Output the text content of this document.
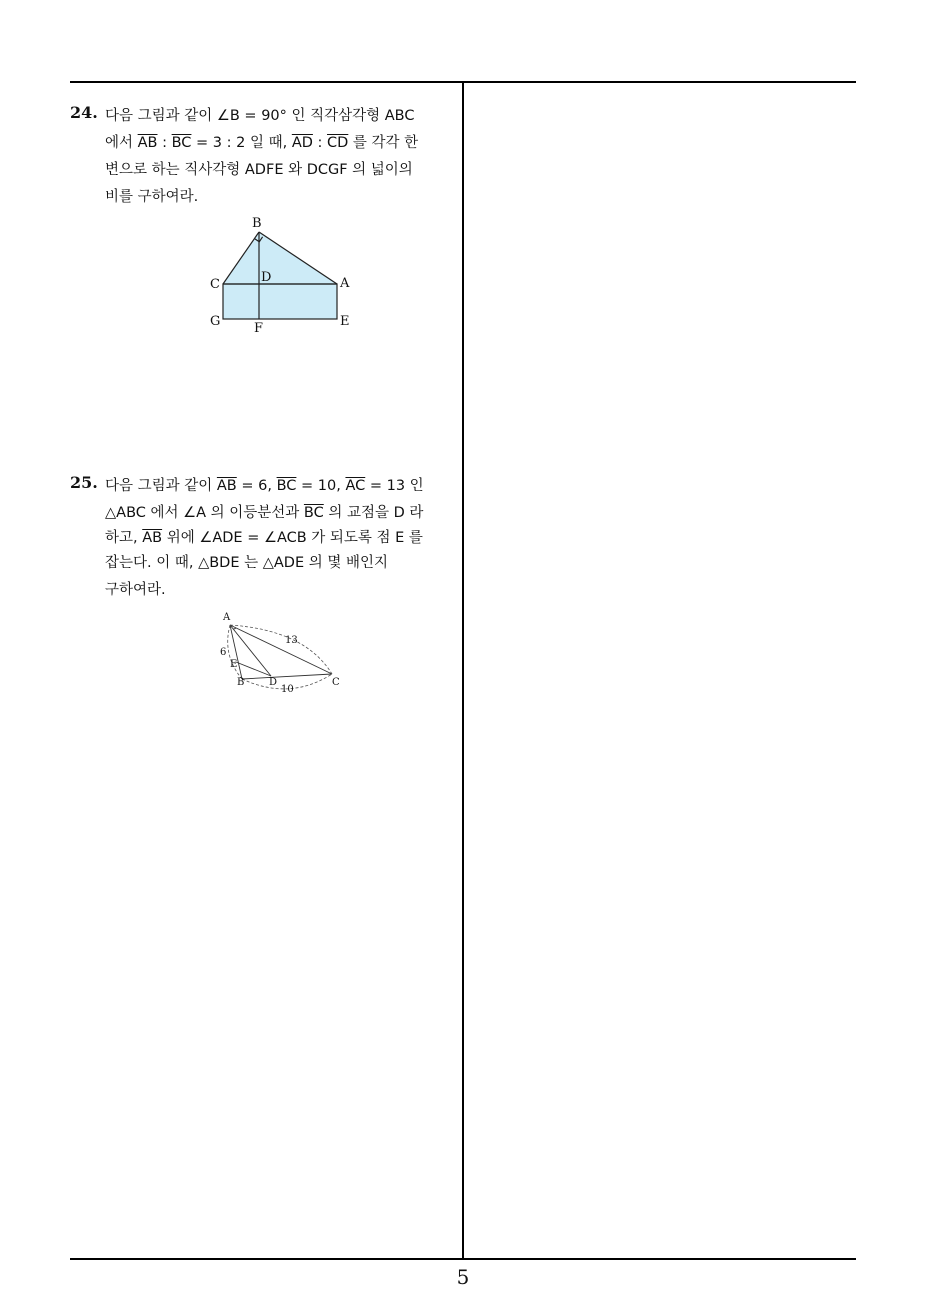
24. 다음 그림과 같이 ∠B = 90° 인 직각삼각형 ABC
에서 $\overline{AB}$ : $\overline{BC} = 3$ : 2 일 때, $\overline{AD}$ : $\overline{CD}$ 를 각각 한
변으로 하는 직사각형 ADFE 와 DCGF 의 넓이의
비를 구하여라.
B
C	D	A
G	F	E
25. 다음 그림과 같이 $\overline{AB} = 6$, $\overline{BC} = 10$, $\overline{AC} = 13$ 인
△ABC 에서 ∠A 의 이등분선과 $\overline{BC}$ 의 교점을 D 라
하고, $\overline{AB}$ 위에 ∠ADE = ∠ACB 가 되도록 점 E 를
잡는다. 이 때, △BDE 는 △ADE 의 몇 배인지
구하여라.
A
E
B D	C
6
13
10
5
